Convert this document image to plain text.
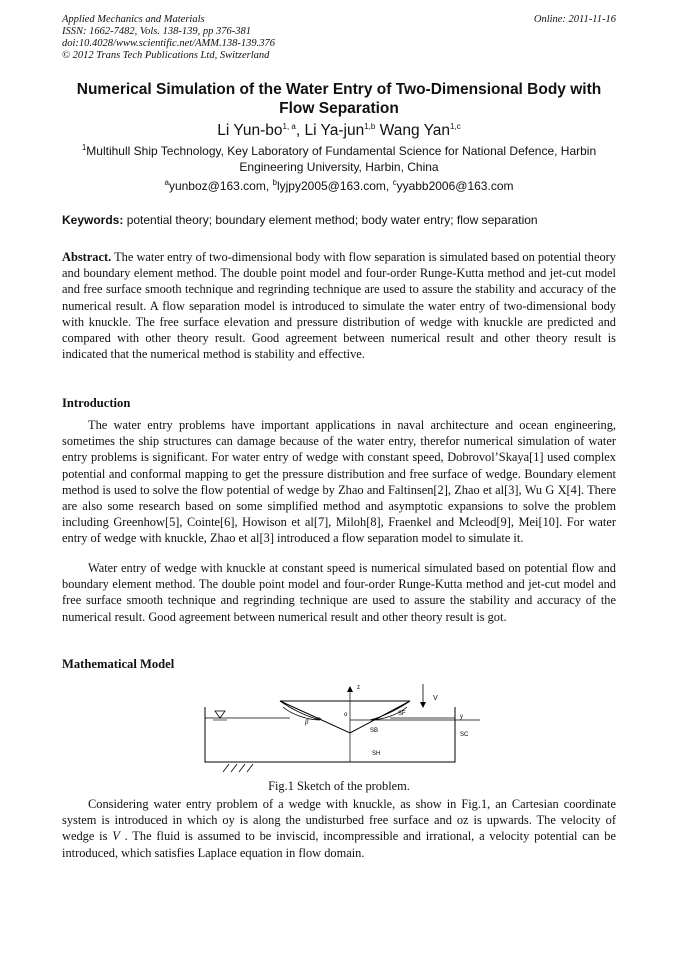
Applied Mechanics and Materials
ISSN: 1662-7482, Vols. 138-139, pp 376-381
doi:10.4028/www.scientific.net/AMM.138-139.376
© 2012 Trans Tech Publications Ltd, Switzerland
Online: 2011-11-16
Numerical Simulation of the Water Entry of Two-Dimensional Body with Flow Separation
Li Yun-bo$^{1, a}$, Li Ya-jun$^{1,b}$ Wang Yan$^{1,c}$
$^1$Multihull Ship Technology, Key Laboratory of Fundamental Science for National Defence, Harbin Engineering University, Harbin, China
$^a$yunboz@163.com, $^b$lyjpy2005@163.com, $^c$yyabb2006@163.com
Keywords: potential theory; boundary element method; body water entry; flow separation
Abstract. The water entry of two-dimensional body with flow separation is simulated based on potential theory and boundary element method. The double point model and four-order Runge-Kutta method and jet-cut model and free surface smooth technique and regrinding technique are used to assure the stability and accuracy of the numerical result. A flow separation model is introduced to simulate the water entry of two-dimensional body with knuckle. The free surface elevation and pressure distribution of wedge with knuckle are predicted and compared with other theory result. Good agreement between numerical result and other theory result is indicated that the numerical method is stability and effective.
Introduction
The water entry problems have important applications in naval architecture and ocean engineering, sometimes the ship structures can damage because of the water entry, therefor numerical simulation of water entry problems is significant. For water entry of wedge with constant speed, Dobrovol’Skaya[1] used complex potential and conformal mapping to get the pressure distribution and free surface of wedge. Boundary element method is used to solve the flow potential of wedge by Zhao and Faltinsen[2], Zhao et al[3], Wu G X[4]. There are also some research based on some simplified method and asymptotic expansions to solve the problem including Greenhow[5], Cointe[6], Howison et al[7], Miloh[8], Fraenkel and Mcleod[9], Mei[10]. For water entry of wedge with knuckle, Zhao et al[3] introduced a flow separation model to simulate it.
Water entry of wedge with knuckle at constant speed is numerical simulated based on potential flow and boundary element method. The double point model and four-order Runge-Kutta method and jet-cut model and free surface smooth technique and regrinding technique are used to assure the stability and accuracy of the numerical result. Good agreement between numerical result and other theory result is got.
Mathematical Model
z
y
V
o
β
SF
SB
SC
SH
Fig.1 Sketch of the problem.
Considering water entry problem of a wedge with knuckle, as show in Fig.1, an Cartesian coordinate system is introduced in which oy is along the undisturbed free surface and oz is upwards. The velocity of wedge is V . The fluid is assumed to be inviscid, incompressible and irrational, a velocity potential can be introduced, which satisfies Laplace equation in flow domain.
